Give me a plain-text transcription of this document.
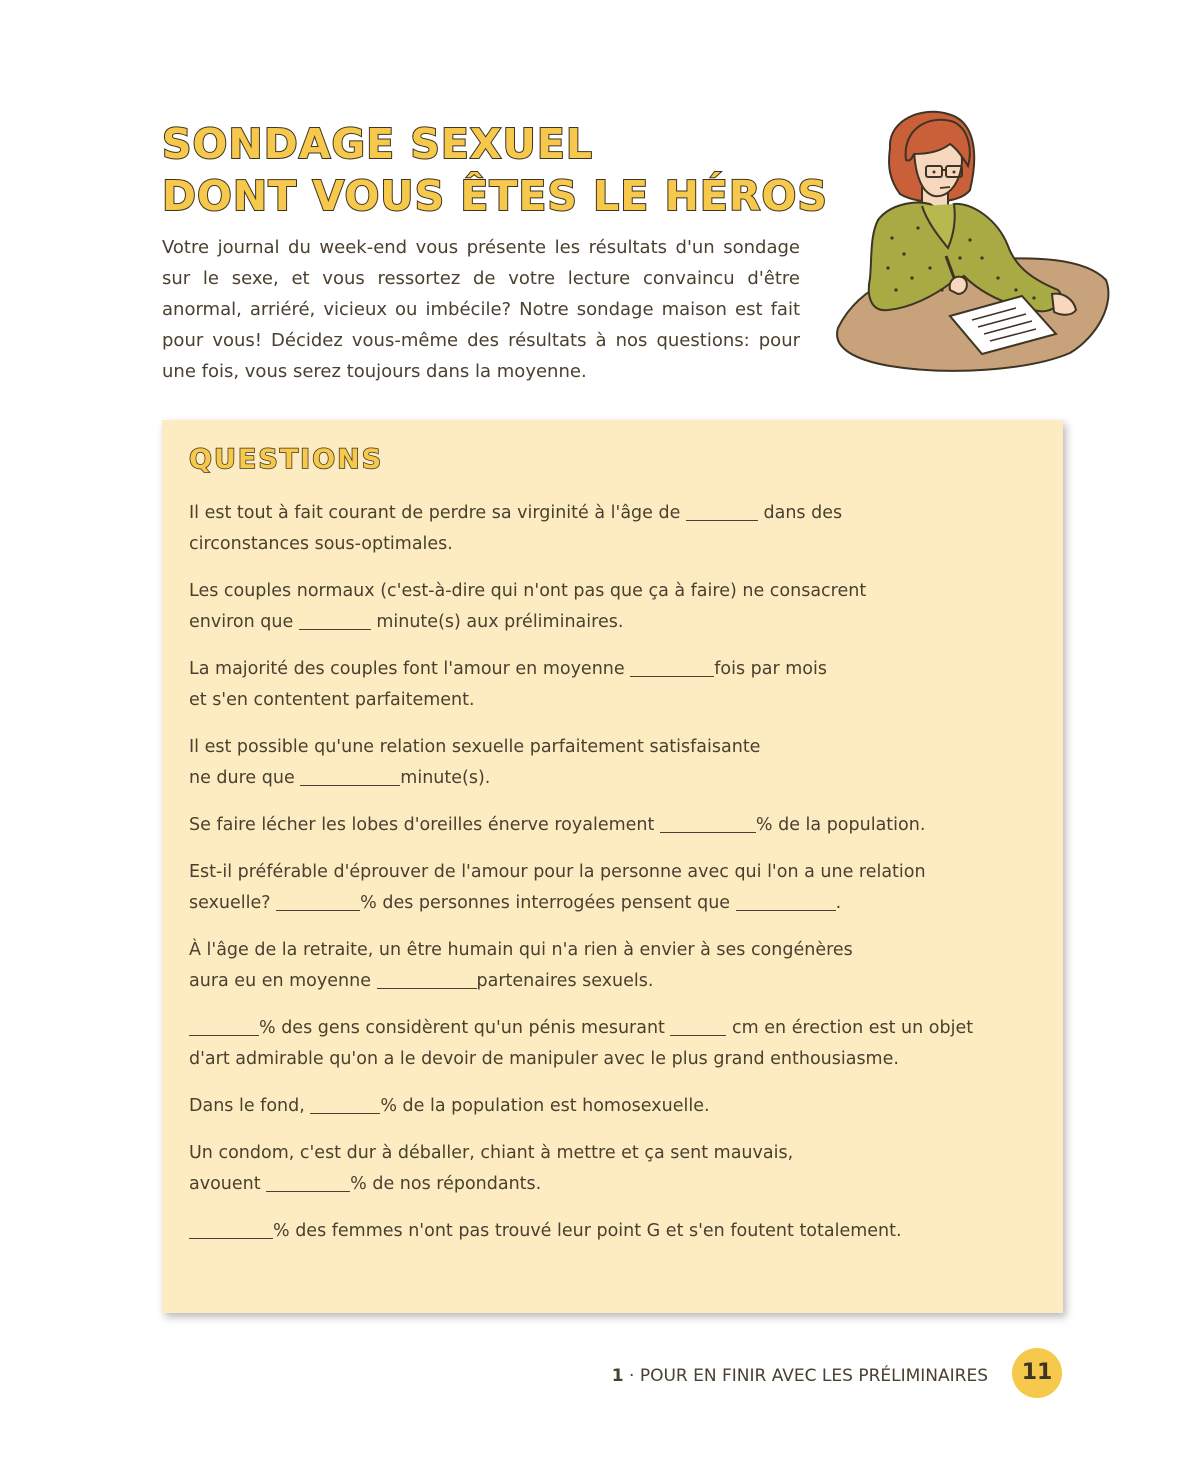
SONDAGE SEXUEL
DONT VOUS ÊTES LE HÉROS

Votre journal du week-end vous présente les résultats d'un sondage sur le sexe, et vous ressortez de votre lecture convaincu d'être anormal, arriéré, vicieux ou imbécile? Notre sondage maison est fait pour vous! Décidez vous-même des résultats à nos questions: pour une fois, vous serez toujours dans la moyenne.

QUESTIONS

Il est tout à fait courant de perdre sa virginité à l'âge de	dans des
circonstances sous-optimales.

Les couples normaux (c'est-à-dire qui n'ont pas que ça à faire) ne consacrent
environ que	minute(s) aux préliminaires.

La majorité des couples font l'amour en moyenne	fois par mois
et s'en contentent parfaitement.

Il est possible qu'une relation sexuelle parfaitement satisfaisante
ne dure que	minute(s).

Se faire lécher les lobes d'oreilles énerve royalement	% de la population.

Est-il préférable d'éprouver de l'amour pour la personne avec qui l'on a une relation
sexuelle?	% des personnes interrogées pensent que	.

À l'âge de la retraite, un être humain qui n'a rien à envier à ses congénères
aura eu en moyenne	partenaires sexuels.

% des gens considèrent qu'un pénis mesurant	cm en érection est un objet
d'art admirable qu'on a le devoir de manipuler avec le plus grand enthousiasme.

Dans le fond,	% de la population est homosexuelle.

Un condom, c'est dur à déballer, chiant à mettre et ça sent mauvais,
avouent	% de nos répondants.

% des femmes n'ont pas trouvé leur point G et s'en foutent totalement.

1 · POUR EN FINIR AVEC LES PRÉLIMINAIRES	11
